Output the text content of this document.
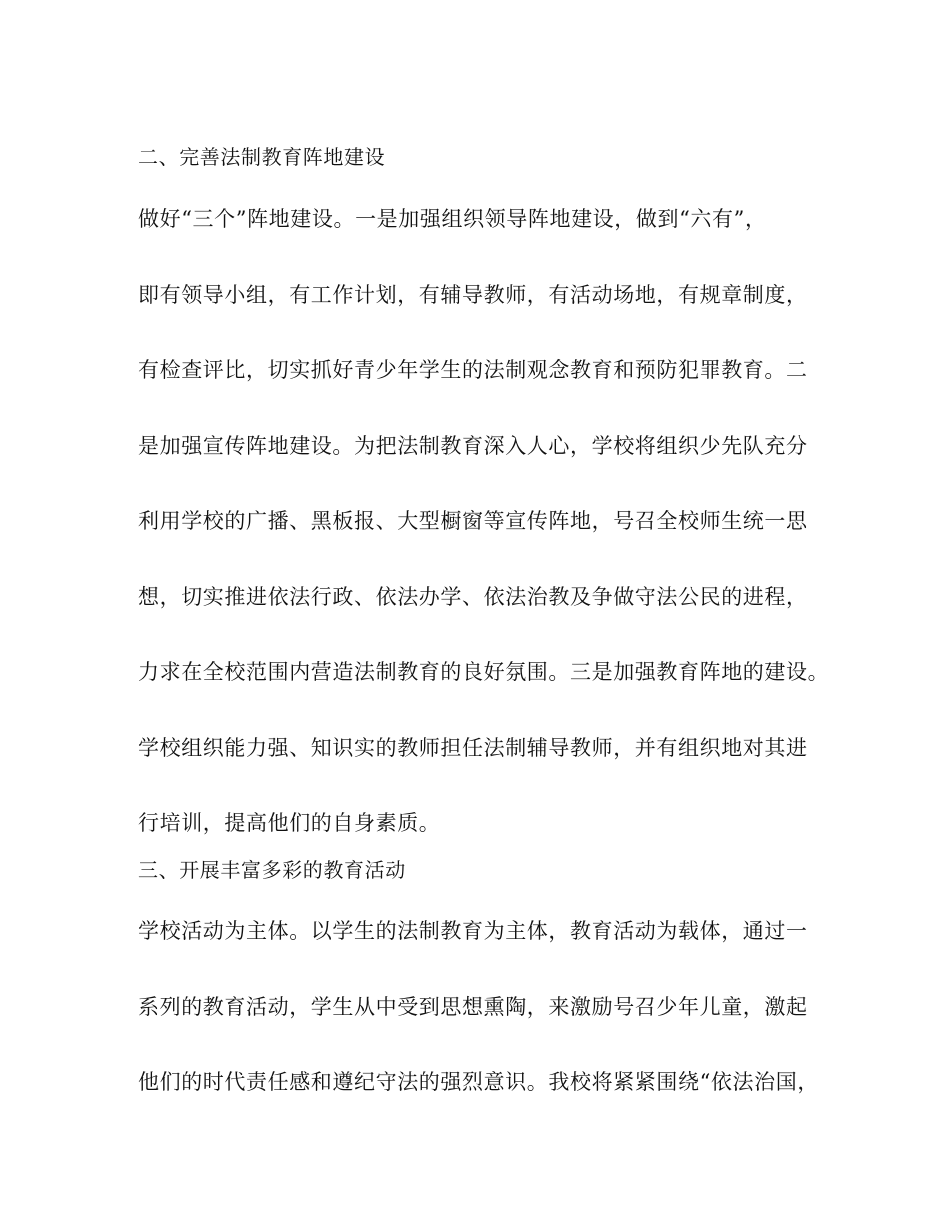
二、完善法制教育阵地建设
做好“三个”阵地建设。一是加强组织领导阵地建设，做到“六有”，
即有领导小组，有工作计划，有辅导教师，有活动场地，有规章制度，
有检查评比，切实抓好青少年学生的法制观念教育和预防犯罪教育。二
是加强宣传阵地建设。为把法制教育深入人心，学校将组织少先队充分
利用学校的广播、黑板报、大型橱窗等宣传阵地，号召全校师生统一思
想，切实推进依法行政、依法办学、依法治教及争做守法公民的进程，
力求在全校范围内营造法制教育的良好氛围。三是加强教育阵地的建设。
学校组织能力强、知识实的教师担任法制辅导教师，并有组织地对其进
行培训，提高他们的自身素质。
三、开展丰富多彩的教育活动
学校活动为主体。以学生的法制教育为主体，教育活动为载体，通过一
系列的教育活动，学生从中受到思想熏陶，来激励号召少年儿童，激起
他们的时代责任感和遵纪守法的强烈意识。我校将紧紧围绕“依法治国，
